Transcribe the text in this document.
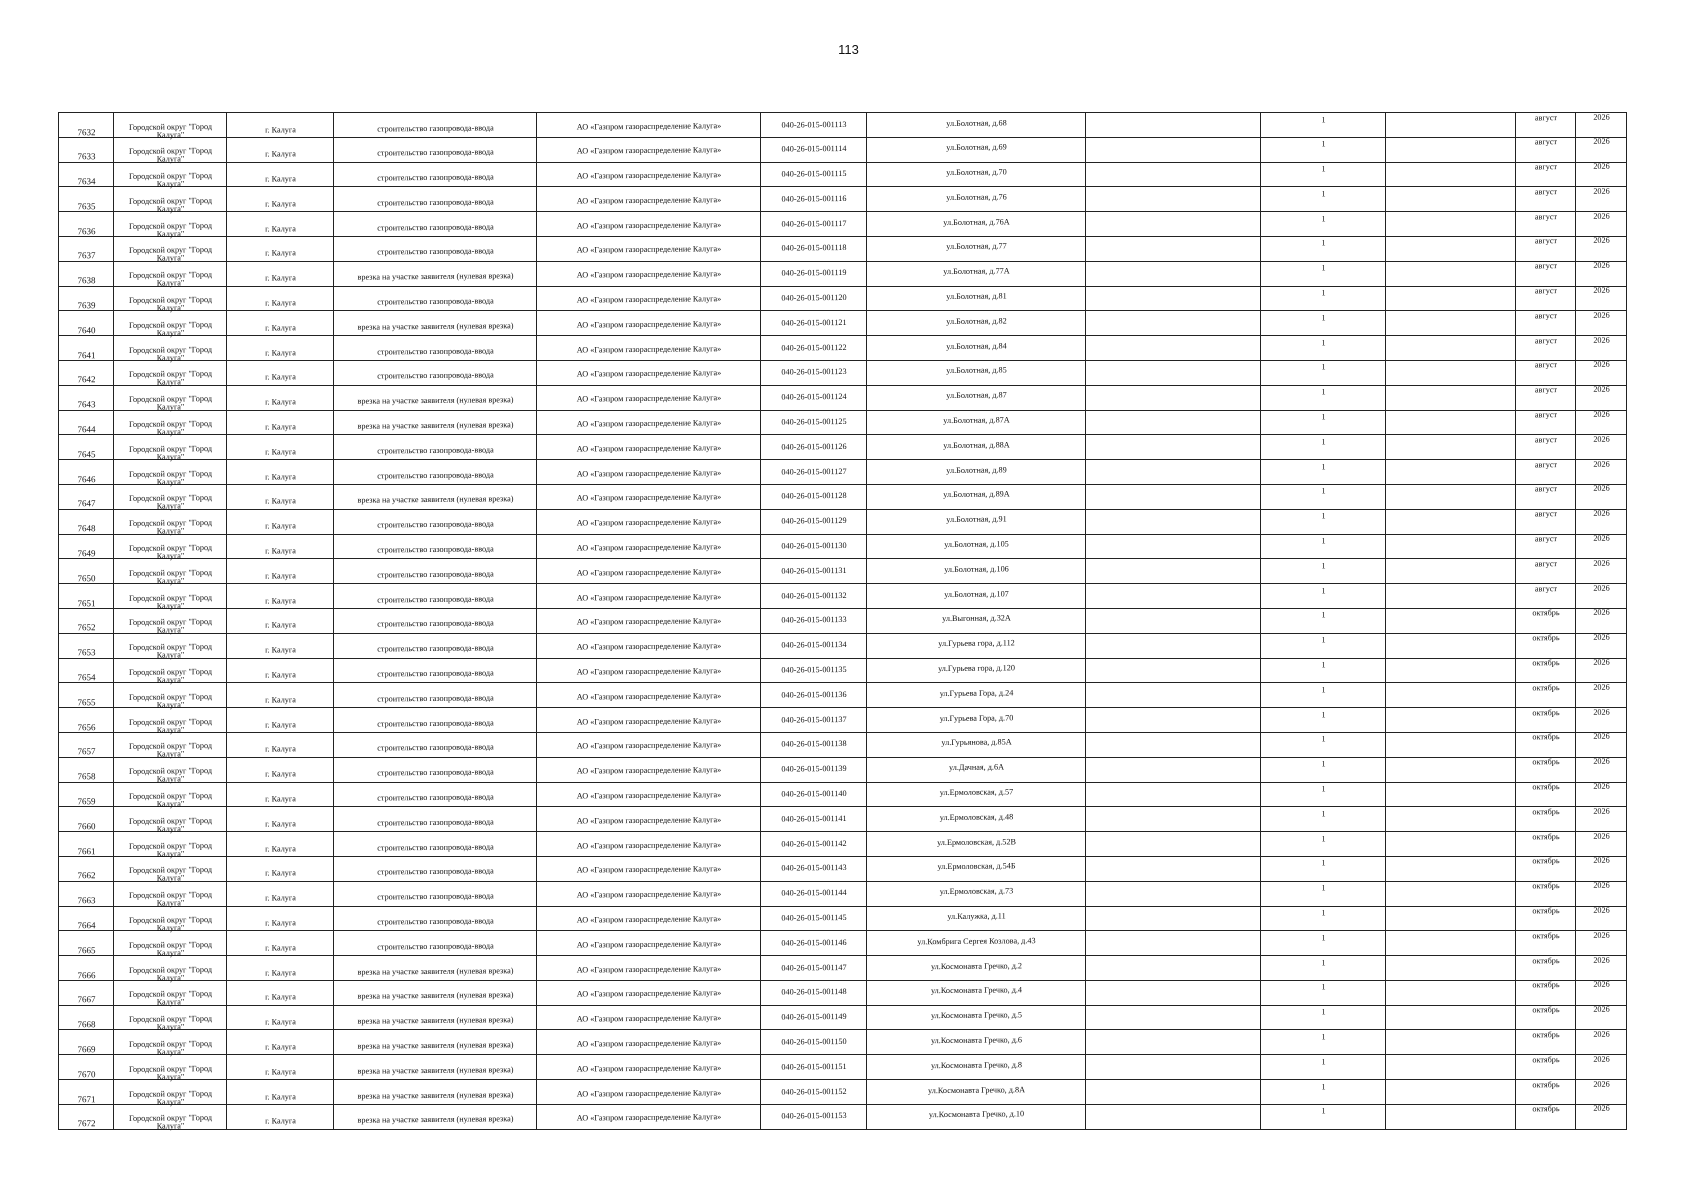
113
7632	Городской округ "Город Калуга"	г. Калуга	строительство газопровода-ввода	АО «Газпром газораспределение Калуга»	040-26-015-001113	ул.Болотная, д.68		1		август	2026
7633	Городской округ "Город Калуга"	г. Калуга	строительство газопровода-ввода	АО «Газпром газораспределение Калуга»	040-26-015-001114	ул.Болотная, д.69		1		август	2026
7634	Городской округ "Город Калуга"	г. Калуга	строительство газопровода-ввода	АО «Газпром газораспределение Калуга»	040-26-015-001115	ул.Болотная, д.70		1		август	2026
7635	Городской округ "Город Калуга"	г. Калуга	строительство газопровода-ввода	АО «Газпром газораспределение Калуга»	040-26-015-001116	ул.Болотная, д.76		1		август	2026
7636	Городской округ "Город Калуга"	г. Калуга	строительство газопровода-ввода	АО «Газпром газораспределение Калуга»	040-26-015-001117	ул.Болотная, д.76А		1		август	2026
7637	Городской округ "Город Калуга"	г. Калуга	строительство газопровода-ввода	АО «Газпром газораспределение Калуга»	040-26-015-001118	ул.Болотная, д.77		1		август	2026
7638	Городской округ "Город Калуга"	г. Калуга	врезка на участке заявителя (нулевая врезка)	АО «Газпром газораспределение Калуга»	040-26-015-001119	ул.Болотная, д.77А		1		август	2026
7639	Городской округ "Город Калуга"	г. Калуга	строительство газопровода-ввода	АО «Газпром газораспределение Калуга»	040-26-015-001120	ул.Болотная, д.81		1		август	2026
7640	Городской округ "Город Калуга"	г. Калуга	врезка на участке заявителя (нулевая врезка)	АО «Газпром газораспределение Калуга»	040-26-015-001121	ул.Болотная, д.82		1		август	2026
7641	Городской округ "Город Калуга"	г. Калуга	строительство газопровода-ввода	АО «Газпром газораспределение Калуга»	040-26-015-001122	ул.Болотная, д.84		1		август	2026
7642	Городской округ "Город Калуга"	г. Калуга	строительство газопровода-ввода	АО «Газпром газораспределение Калуга»	040-26-015-001123	ул.Болотная, д.85		1		август	2026
7643	Городской округ "Город Калуга"	г. Калуга	врезка на участке заявителя (нулевая врезка)	АО «Газпром газораспределение Калуга»	040-26-015-001124	ул.Болотная, д.87		1		август	2026
7644	Городской округ "Город Калуга"	г. Калуга	врезка на участке заявителя (нулевая врезка)	АО «Газпром газораспределение Калуга»	040-26-015-001125	ул.Болотная, д.87А		1		август	2026
7645	Городской округ "Город Калуга"	г. Калуга	строительство газопровода-ввода	АО «Газпром газораспределение Калуга»	040-26-015-001126	ул.Болотная, д.88А		1		август	2026
7646	Городской округ "Город Калуга"	г. Калуга	строительство газопровода-ввода	АО «Газпром газораспределение Калуга»	040-26-015-001127	ул.Болотная, д.89		1		август	2026
7647	Городской округ "Город Калуга"	г. Калуга	врезка на участке заявителя (нулевая врезка)	АО «Газпром газораспределение Калуга»	040-26-015-001128	ул.Болотная, д.89А		1		август	2026
7648	Городской округ "Город Калуга"	г. Калуга	строительство газопровода-ввода	АО «Газпром газораспределение Калуга»	040-26-015-001129	ул.Болотная, д.91		1		август	2026
7649	Городской округ "Город Калуга"	г. Калуга	строительство газопровода-ввода	АО «Газпром газораспределение Калуга»	040-26-015-001130	ул.Болотная, д.105		1		август	2026
7650	Городской округ "Город Калуга"	г. Калуга	строительство газопровода-ввода	АО «Газпром газораспределение Калуга»	040-26-015-001131	ул.Болотная, д.106		1		август	2026
7651	Городской округ "Город Калуга"	г. Калуга	строительство газопровода-ввода	АО «Газпром газораспределение Калуга»	040-26-015-001132	ул.Болотная, д.107		1		август	2026
7652	Городской округ "Город Калуга"	г. Калуга	строительство газопровода-ввода	АО «Газпром газораспределение Калуга»	040-26-015-001133	ул.Выгонная, д.32А		1		октябрь	2026
7653	Городской округ "Город Калуга"	г. Калуга	строительство газопровода-ввода	АО «Газпром газораспределение Калуга»	040-26-015-001134	ул.Гурьева гора, д.112		1		октябрь	2026
7654	Городской округ "Город Калуга"	г. Калуга	строительство газопровода-ввода	АО «Газпром газораспределение Калуга»	040-26-015-001135	ул.Гурьева гора, д.120		1		октябрь	2026
7655	Городской округ "Город Калуга"	г. Калуга	строительство газопровода-ввода	АО «Газпром газораспределение Калуга»	040-26-015-001136	ул.Гурьева Гора, д.24		1		октябрь	2026
7656	Городской округ "Город Калуга"	г. Калуга	строительство газопровода-ввода	АО «Газпром газораспределение Калуга»	040-26-015-001137	ул.Гурьева Гора, д.70		1		октябрь	2026
7657	Городской округ "Город Калуга"	г. Калуга	строительство газопровода-ввода	АО «Газпром газораспределение Калуга»	040-26-015-001138	ул.Гурьянова, д.85А		1		октябрь	2026
7658	Городской округ "Город Калуга"	г. Калуга	строительство газопровода-ввода	АО «Газпром газораспределение Калуга»	040-26-015-001139	ул.Дачная, д.6А		1		октябрь	2026
7659	Городской округ "Город Калуга"	г. Калуга	строительство газопровода-ввода	АО «Газпром газораспределение Калуга»	040-26-015-001140	ул.Ермоловская, д.57		1		октябрь	2026
7660	Городской округ "Город Калуга"	г. Калуга	строительство газопровода-ввода	АО «Газпром газораспределение Калуга»	040-26-015-001141	ул.Ермоловская, д.48		1		октябрь	2026
7661	Городской округ "Город Калуга"	г. Калуга	строительство газопровода-ввода	АО «Газпром газораспределение Калуга»	040-26-015-001142	ул.Ермоловская, д.52В		1		октябрь	2026
7662	Городской округ "Город Калуга"	г. Калуга	строительство газопровода-ввода	АО «Газпром газораспределение Калуга»	040-26-015-001143	ул.Ермоловская, д.54Б		1		октябрь	2026
7663	Городской округ "Город Калуга"	г. Калуга	строительство газопровода-ввода	АО «Газпром газораспределение Калуга»	040-26-015-001144	ул.Ермоловская, д.73		1		октябрь	2026
7664	Городской округ "Город Калуга"	г. Калуга	строительство газопровода-ввода	АО «Газпром газораспределение Калуга»	040-26-015-001145	ул.Калужка, д.11		1		октябрь	2026
7665	Городской округ "Город Калуга"	г. Калуга	строительство газопровода-ввода	АО «Газпром газораспределение Калуга»	040-26-015-001146	ул.Комбрига Сергея Козлова, д.43		1		октябрь	2026
7666	Городской округ "Город Калуга"	г. Калуга	врезка на участке заявителя (нулевая врезка)	АО «Газпром газораспределение Калуга»	040-26-015-001147	ул.Космонавта Гречко, д.2		1		октябрь	2026
7667	Городской округ "Город Калуга"	г. Калуга	врезка на участке заявителя (нулевая врезка)	АО «Газпром газораспределение Калуга»	040-26-015-001148	ул.Космонавта Гречко, д.4		1		октябрь	2026
7668	Городской округ "Город Калуга"	г. Калуга	врезка на участке заявителя (нулевая врезка)	АО «Газпром газораспределение Калуга»	040-26-015-001149	ул.Космонавта Гречко, д.5		1		октябрь	2026
7669	Городской округ "Город Калуга"	г. Калуга	врезка на участке заявителя (нулевая врезка)	АО «Газпром газораспределение Калуга»	040-26-015-001150	ул.Космонавта Гречко, д.6		1		октябрь	2026
7670	Городской округ "Город Калуга"	г. Калуга	врезка на участке заявителя (нулевая врезка)	АО «Газпром газораспределение Калуга»	040-26-015-001151	ул.Космонавта Гречко, д.8		1		октябрь	2026
7671	Городской округ "Город Калуга"	г. Калуга	врезка на участке заявителя (нулевая врезка)	АО «Газпром газораспределение Калуга»	040-26-015-001152	ул.Космонавта Гречко, д.8А		1		октябрь	2026
7672	Городской округ "Город Калуга"	г. Калуга	врезка на участке заявителя (нулевая врезка)	АО «Газпром газораспределение Калуга»	040-26-015-001153	ул.Космонавта Гречко, д.10		1		октябрь	2026
